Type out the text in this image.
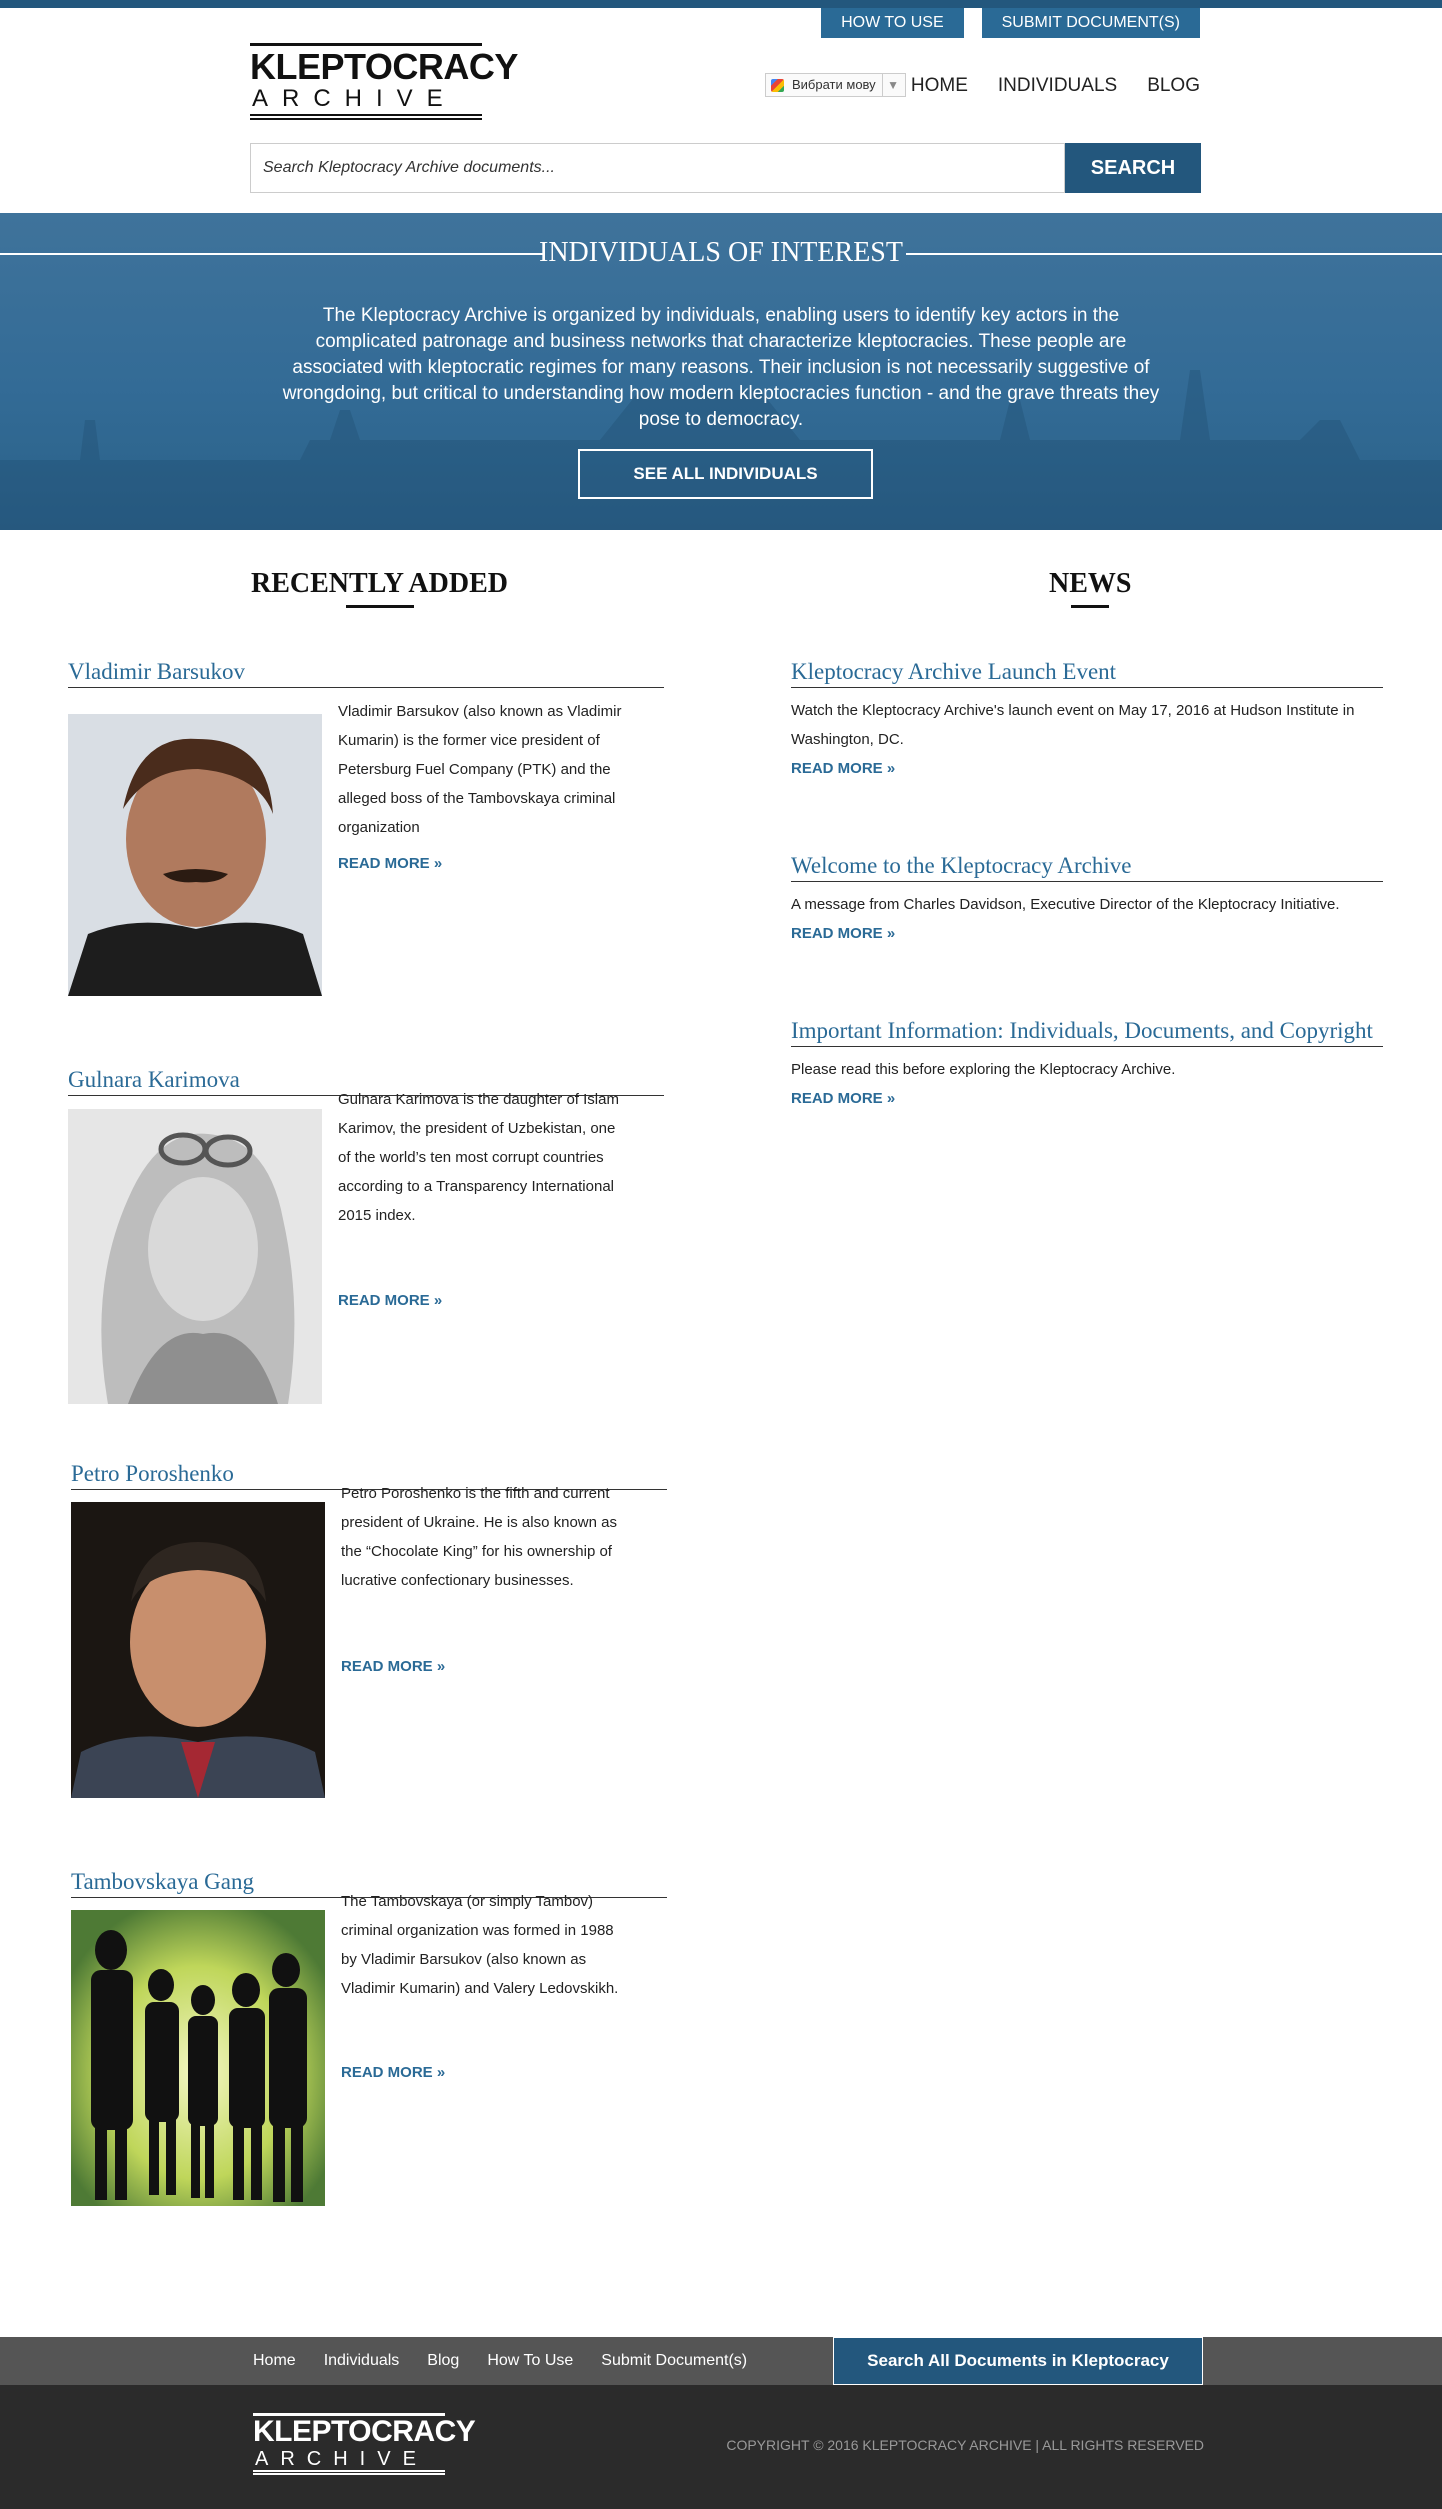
HOW TO USE	SUBMIT DOCUMENT(S)
KLEPTOCRACY
ARCHIVE
Вибрати мову ▼ HOME INDIVIDUALS BLOG
Search Kleptocracy Archive documents...
SEARCH
INDIVIDUALS OF INTEREST

The Kleptocracy Archive is organized by individuals, enabling users to identify key actors in the complicated patronage and business networks that characterize kleptocracies. These people are associated with kleptocratic regimes for many reasons. Their inclusion is not necessarily suggestive of wrongdoing, but critical to understanding how modern kleptocracies function - and the grave threats they pose to democracy.

SEE ALL INDIVIDUALS
RECENTLY ADDED	NEWS
Vladimir Barsukov

Vladimir Barsukov (also known as Vladimir Kumarin) is the former vice president of Petersburg Fuel Company (PTK) and the alleged boss of the Tambovskaya criminal organization

READ MORE »
Gulnara Karimova

Gulnara Karimova is the daughter of Islam Karimov, the president of Uzbekistan, one of the world’s ten most corrupt countries according to a Transparency International 2015 index.

READ MORE »
Petro Poroshenko

Petro Poroshenko is the fifth and current president of Ukraine. He is also known as the “Chocolate King” for his ownership of lucrative confectionary businesses.

READ MORE »
Tambovskaya Gang

The Tambovskaya (or simply Tambov) criminal organization was formed in 1988 by Vladimir Barsukov (also known as Vladimir Kumarin) and Valery Ledovskikh.

READ MORE »
Kleptocracy Archive Launch Event

Watch the Kleptocracy Archive's launch event on May 17, 2016 at Hudson Institute in Washington, DC.

READ MORE »
Welcome to the Kleptocracy Archive

A message from Charles Davidson, Executive Director of the Kleptocracy Initiative.

READ MORE »
Important Information: Individuals, Documents, and Copyright

Please read this before exploring the Kleptocracy Archive.

READ MORE »
Home Individuals Blog How To Use Submit Document(s)	Search All Documents in Kleptocracy
KLEPTOCRACY
ARCHIVE
COPYRIGHT © 2016 KLEPTOCRACY ARCHIVE | ALL RIGHTS RESERVED
